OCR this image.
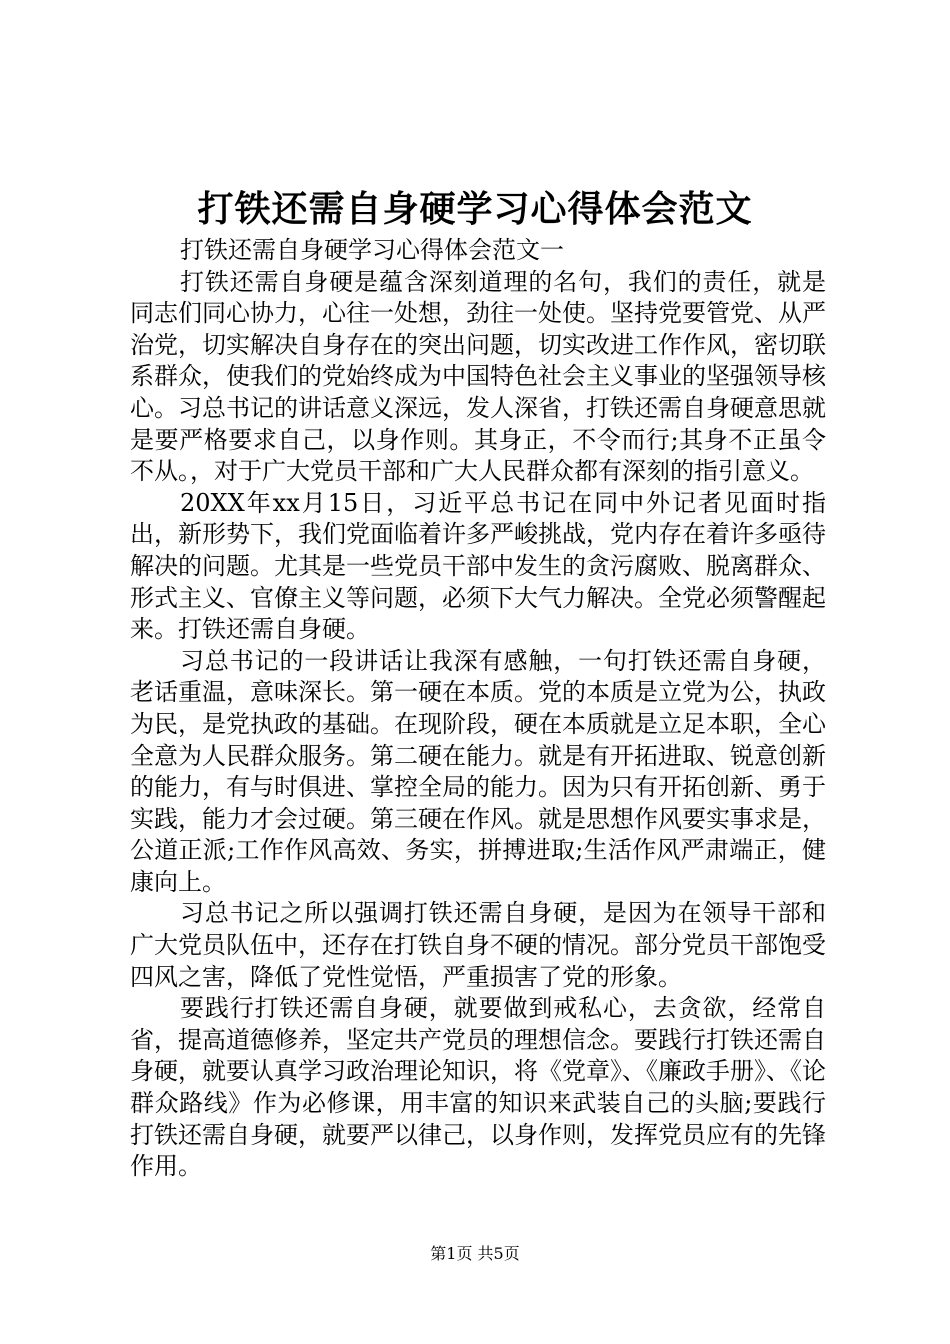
打铁还需自身硬学习心得体会范文

打铁还需自身硬学习心得体会范文一

打铁还需自身硬是蕴含深刻道理的名句，我们的责任，就是同志们同心协力，心往一处想，劲往一处使。坚持党要管党、从严治党，切实解决自身存在的突出问题，切实改进工作作风，密切联系群众，使我们的党始终成为中国特色社会主义事业的坚强领导核心。习总书记的讲话意义深远，发人深省，打铁还需自身硬意思就是要严格要求自己，以身作则。其身正，不令而行;其身不正虽令不从。，对于广大党员干部和广大人民群众都有深刻的指引意义。

20XX年xx月15日，习近平总书记在同中外记者见面时指出，新形势下，我们党面临着许多严峻挑战，党内存在着许多亟待解决的问题。尤其是一些党员干部中发生的贪污腐败、脱离群众、形式主义、官僚主义等问题，必须下大气力解决。全党必须警醒起来。打铁还需自身硬。

习总书记的一段讲话让我深有感触，一句打铁还需自身硬，老话重温，意味深长。第一硬在本质。党的本质是立党为公，执政为民，是党执政的基础。在现阶段，硬在本质就是立足本职，全心全意为人民群众服务。第二硬在能力。就是有开拓进取、锐意创新的能力，有与时俱进、掌控全局的能力。因为只有开拓创新、勇于实践，能力才会过硬。第三硬在作风。就是思想作风要实事求是，公道正派;工作作风高效、务实，拼搏进取;生活作风严肃端正，健康向上。

习总书记之所以强调打铁还需自身硬，是因为在领导干部和广大党员队伍中，还存在打铁自身不硬的情况。部分党员干部饱受四风之害，降低了党性觉悟，严重损害了党的形象。

要践行打铁还需自身硬，就要做到戒私心，去贪欲，经常自省，提高道德修养，坚定共产党员的理想信念。要践行打铁还需自身硬，就要认真学习政治理论知识，将《党章》、《廉政手册》、《论群众路线》作为必修课，用丰富的知识来武装自己的头脑;要践行打铁还需自身硬，就要严以律己，以身作则，发挥党员应有的先锋作用。

第1页 共5页
